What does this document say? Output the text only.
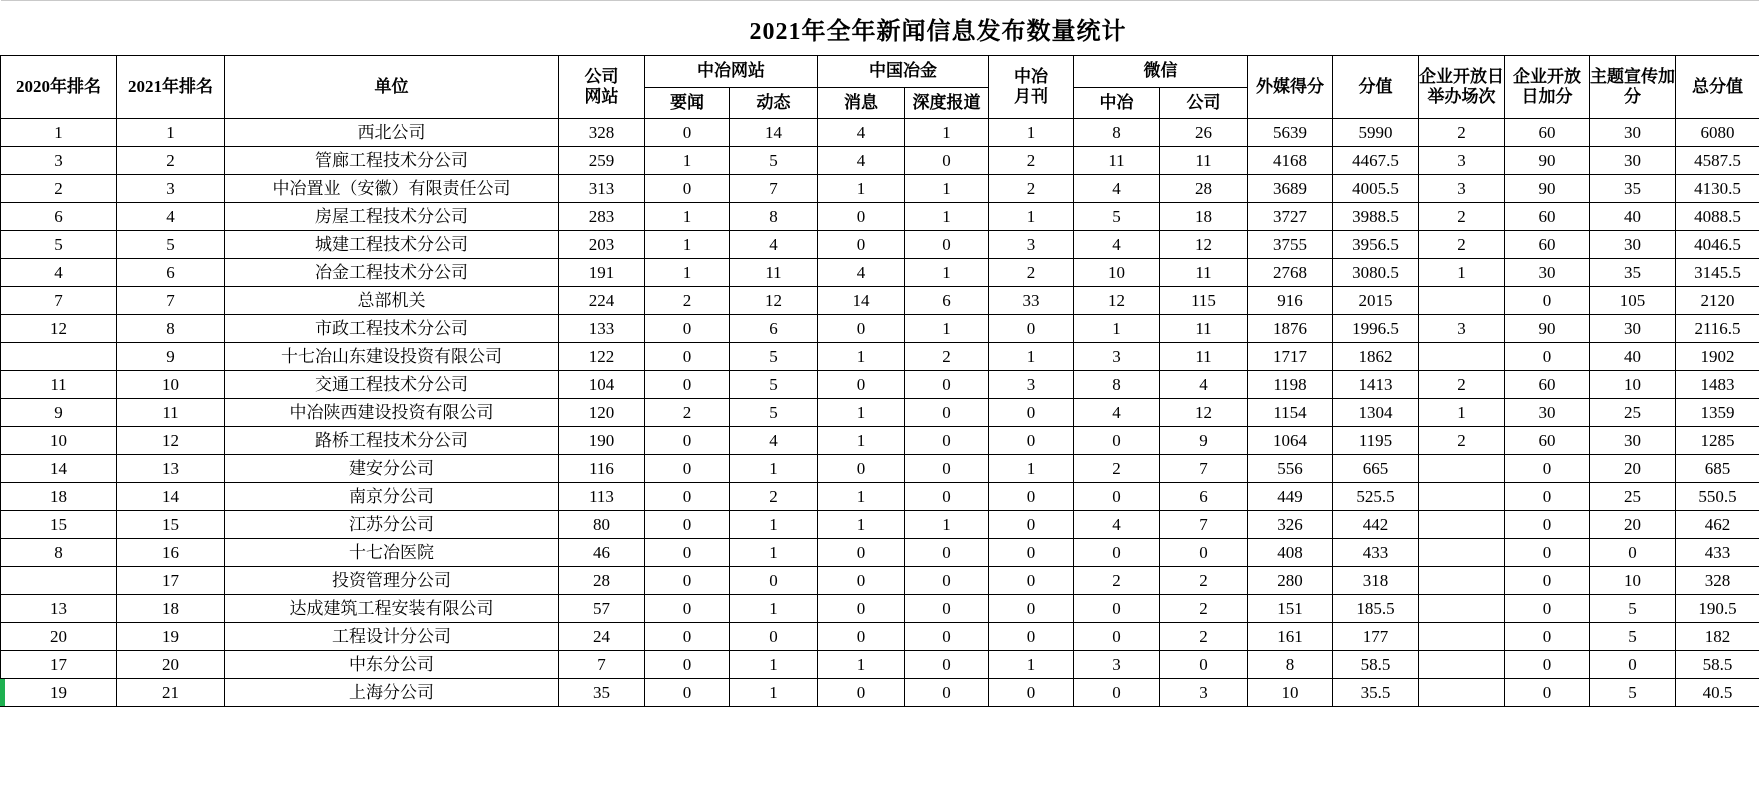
	2021年全年新闻信息发布数量统计															
2020年排名	2021年排名	单位	公司网站	中冶网站		中国冶金		中冶月刊	微信		外媒得分	分值	企业开放日举办场次	企业开放日加分	主题宣传加分	总分值
				要闻	动态	消息	深度报道		中冶	公司						
1	1	西北公司	328	0	14	4	1	1	8	26	5639	5990	2	60	30	6080
3	2	管廊工程技术分公司	259	1	5	4	0	2	11	11	4168	4467.5	3	90	30	4587.5
2	3	中冶置业（安徽）有限责任公司	313	0	7	1	1	2	4	28	3689	4005.5	3	90	35	4130.5
6	4	房屋工程技术分公司	283	1	8	0	1	1	5	18	3727	3988.5	2	60	40	4088.5
5	5	城建工程技术分公司	203	1	4	0	0	3	4	12	3755	3956.5	2	60	30	4046.5
4	6	冶金工程技术分公司	191	1	11	4	1	2	10	11	2768	3080.5	1	30	35	3145.5
7	7	总部机关	224	2	12	14	6	33	12	115	916	2015		0	105	2120
12	8	市政工程技术分公司	133	0	6	0	1	0	1	11	1876	1996.5	3	90	30	2116.5
	9	十七冶山东建设投资有限公司	122	0	5	1	2	1	3	11	1717	1862		0	40	1902
11	10	交通工程技术分公司	104	0	5	0	0	3	8	4	1198	1413	2	60	10	1483
9	11	中冶陕西建设投资有限公司	120	2	5	1	0	0	4	12	1154	1304	1	30	25	1359
10	12	路桥工程技术分公司	190	0	4	1	0	0	0	9	1064	1195	2	60	30	1285
14	13	建安分公司	116	0	1	0	0	1	2	7	556	665		0	20	685
18	14	南京分公司	113	0	2	1	0	0	0	6	449	525.5		0	25	550.5
15	15	江苏分公司	80	0	1	1	1	0	4	7	326	442		0	20	462
8	16	十七冶医院	46	0	1	0	0	0	0	0	408	433		0	0	433
	17	投资管理分公司	28	0	0	0	0	0	2	2	280	318		0	10	328
13	18	达成建筑工程安装有限公司	57	0	1	0	0	0	0	2	151	185.5		0	5	190.5
20	19	工程设计分公司	24	0	0	0	0	0	0	2	161	177		0	5	182
17	20	中东分公司	7	0	1	1	0	1	3	0	8	58.5		0	0	58.5
19	21	上海分公司	35	0	1	0	0	0	0	3	10	35.5		0	5	40.5
